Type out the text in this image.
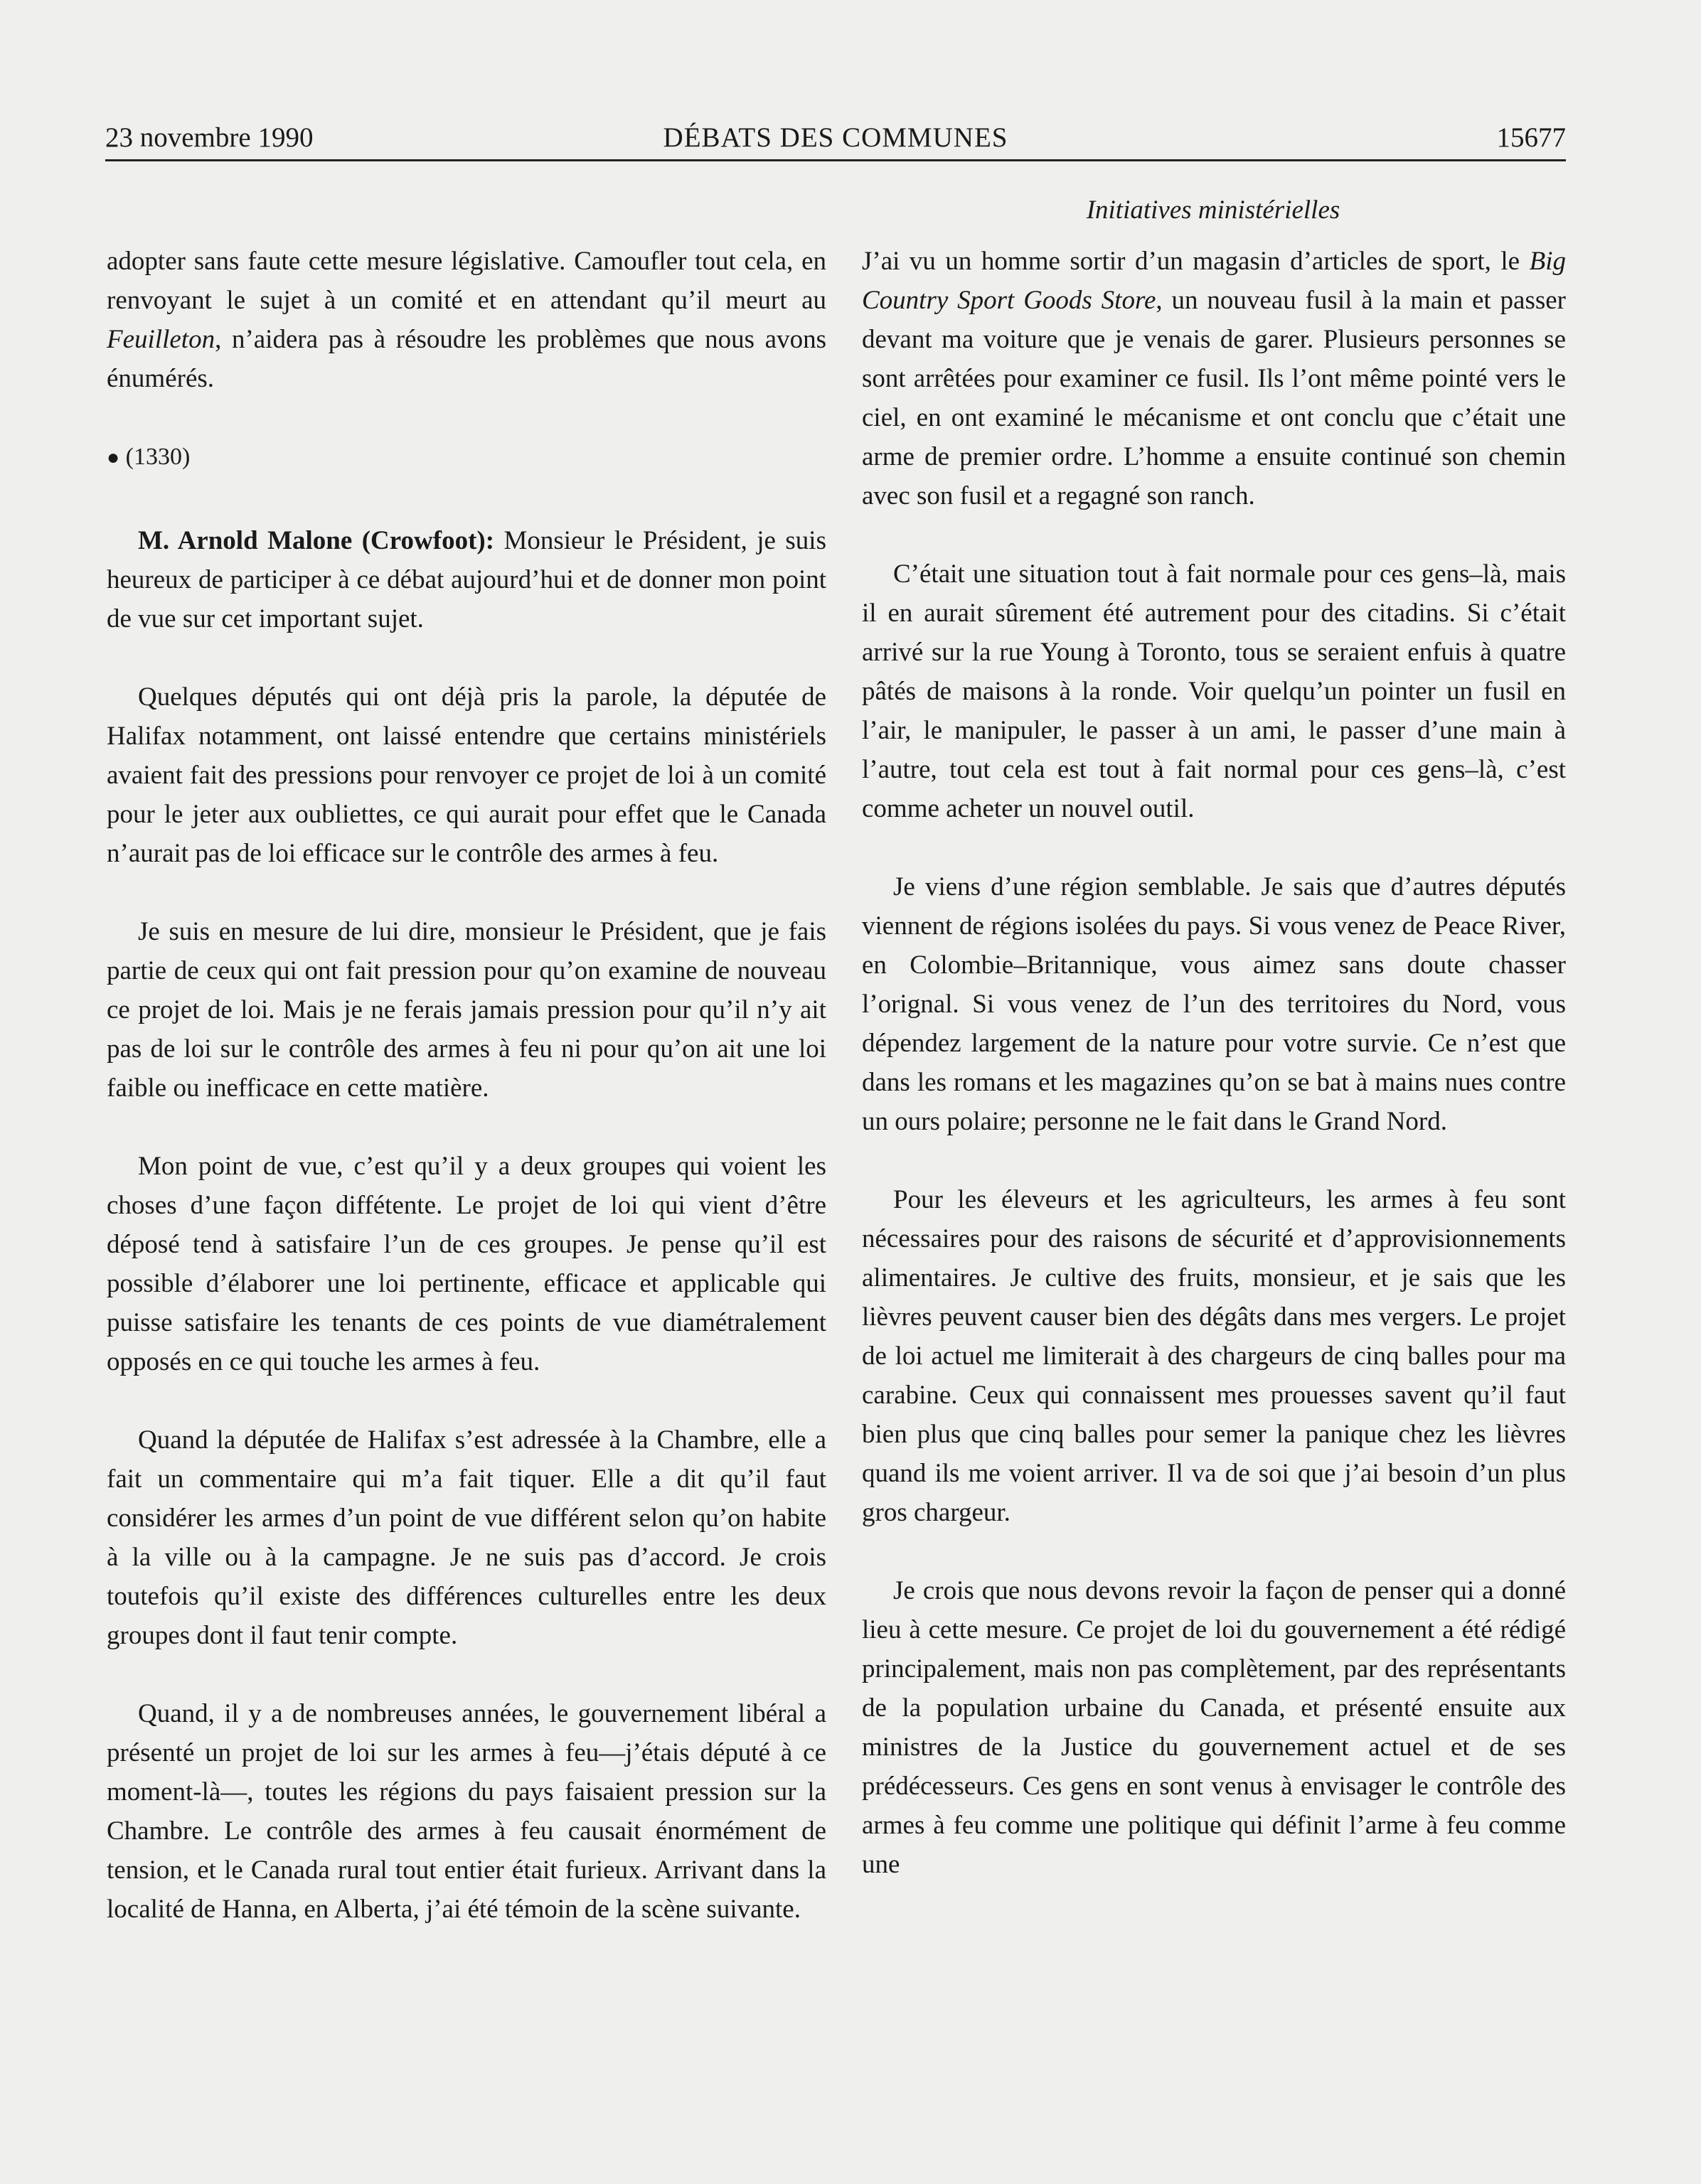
23 novembre 1990	DÉBATS DES COMMUNES	15677
Initiatives ministérielles

adopter sans faute cette mesure législative. Camoufler tout cela, en renvoyant le sujet à un comité et en attendant qu’il meurt au Feuilleton, n’aidera pas à résoudre les problèmes que nous avons énumérés.

● (1330)

M. Arnold Malone (Crowfoot): Monsieur le Président, je suis heureux de participer à ce débat aujourd’hui et de donner mon point de vue sur cet important sujet.

Quelques députés qui ont déjà pris la parole, la députée de Halifax notamment, ont laissé entendre que certains ministériels avaient fait des pressions pour renvoyer ce projet de loi à un comité pour le jeter aux oubliettes, ce qui aurait pour effet que le Canada n’aurait pas de loi efficace sur le contrôle des armes à feu.

Je suis en mesure de lui dire, monsieur le Président, que je fais partie de ceux qui ont fait pression pour qu’on examine de nouveau ce projet de loi. Mais je ne ferais jamais pression pour qu’il n’y ait pas de loi sur le contrôle des armes à feu ni pour qu’on ait une loi faible ou inefficace en cette matière.

Mon point de vue, c’est qu’il y a deux groupes qui voient les choses d’une façon diffétente. Le projet de loi qui vient d’être déposé tend à satisfaire l’un de ces groupes. Je pense qu’il est possible d’élaborer une loi pertinente, efficace et applicable qui puisse satisfaire les tenants de ces points de vue diamétralement opposés en ce qui touche les armes à feu.

Quand la députée de Halifax s’est adressée à la Chambre, elle a fait un commentaire qui m’a fait tiquer. Elle a dit qu’il faut considérer les armes d’un point de vue différent selon qu’on habite à la ville ou à la campagne. Je ne suis pas d’accord. Je crois toutefois qu’il existe des différences culturelles entre les deux groupes dont il faut tenir compte.

Quand, il y a de nombreuses années, le gouvernement libéral a présenté un projet de loi sur les armes à feu—j’étais député à ce moment-là—, toutes les régions du pays faisaient pression sur la Chambre. Le contrôle des armes à feu causait énormément de tension, et le Canada rural tout entier était furieux. Arrivant dans la localité de Hanna, en Alberta, j’ai été témoin de la scène suivante.

J’ai vu un homme sortir d’un magasin d’articles de sport, le Big Country Sport Goods Store, un nouveau fusil à la main et passer devant ma voiture que je venais de garer. Plusieurs personnes se sont arrêtées pour examiner ce fusil. Ils l’ont même pointé vers le ciel, en ont examiné le mécanisme et ont conclu que c’était une arme de premier ordre. L’homme a ensuite continué son chemin avec son fusil et a regagné son ranch.

C’était une situation tout à fait normale pour ces gens–là, mais il en aurait sûrement été autrement pour des citadins. Si c’était arrivé sur la rue Young à Toronto, tous se seraient enfuis à quatre pâtés de maisons à la ronde. Voir quelqu’un pointer un fusil en l’air, le manipuler, le passer à un ami, le passer d’une main à l’autre, tout cela est tout à fait normal pour ces gens–là, c’est comme acheter un nouvel outil.

Je viens d’une région semblable. Je sais que d’autres députés viennent de régions isolées du pays. Si vous venez de Peace River, en Colombie–Britannique, vous aimez sans doute chasser l’orignal. Si vous venez de l’un des territoires du Nord, vous dépendez largement de la nature pour votre survie. Ce n’est que dans les romans et les magazines qu’on se bat à mains nues contre un ours polaire; personne ne le fait dans le Grand Nord.

Pour les éleveurs et les agriculteurs, les armes à feu sont nécessaires pour des raisons de sécurité et d’approvisionnements alimentaires. Je cultive des fruits, monsieur, et je sais que les lièvres peuvent causer bien des dégâts dans mes vergers. Le projet de loi actuel me limiterait à des chargeurs de cinq balles pour ma carabine. Ceux qui connaissent mes prouesses savent qu’il faut bien plus que cinq balles pour semer la panique chez les lièvres quand ils me voient arriver. Il va de soi que j’ai besoin d’un plus gros chargeur.

Je crois que nous devons revoir la façon de penser qui a donné lieu à cette mesure. Ce projet de loi du gouvernement a été rédigé principalement, mais non pas complètement, par des représentants de la population urbaine du Canada, et présenté ensuite aux ministres de la Justice du gouvernement actuel et de ses prédécesseurs. Ces gens en sont venus à envisager le contrôle des armes à feu comme une politique qui définit l’arme à feu comme une
